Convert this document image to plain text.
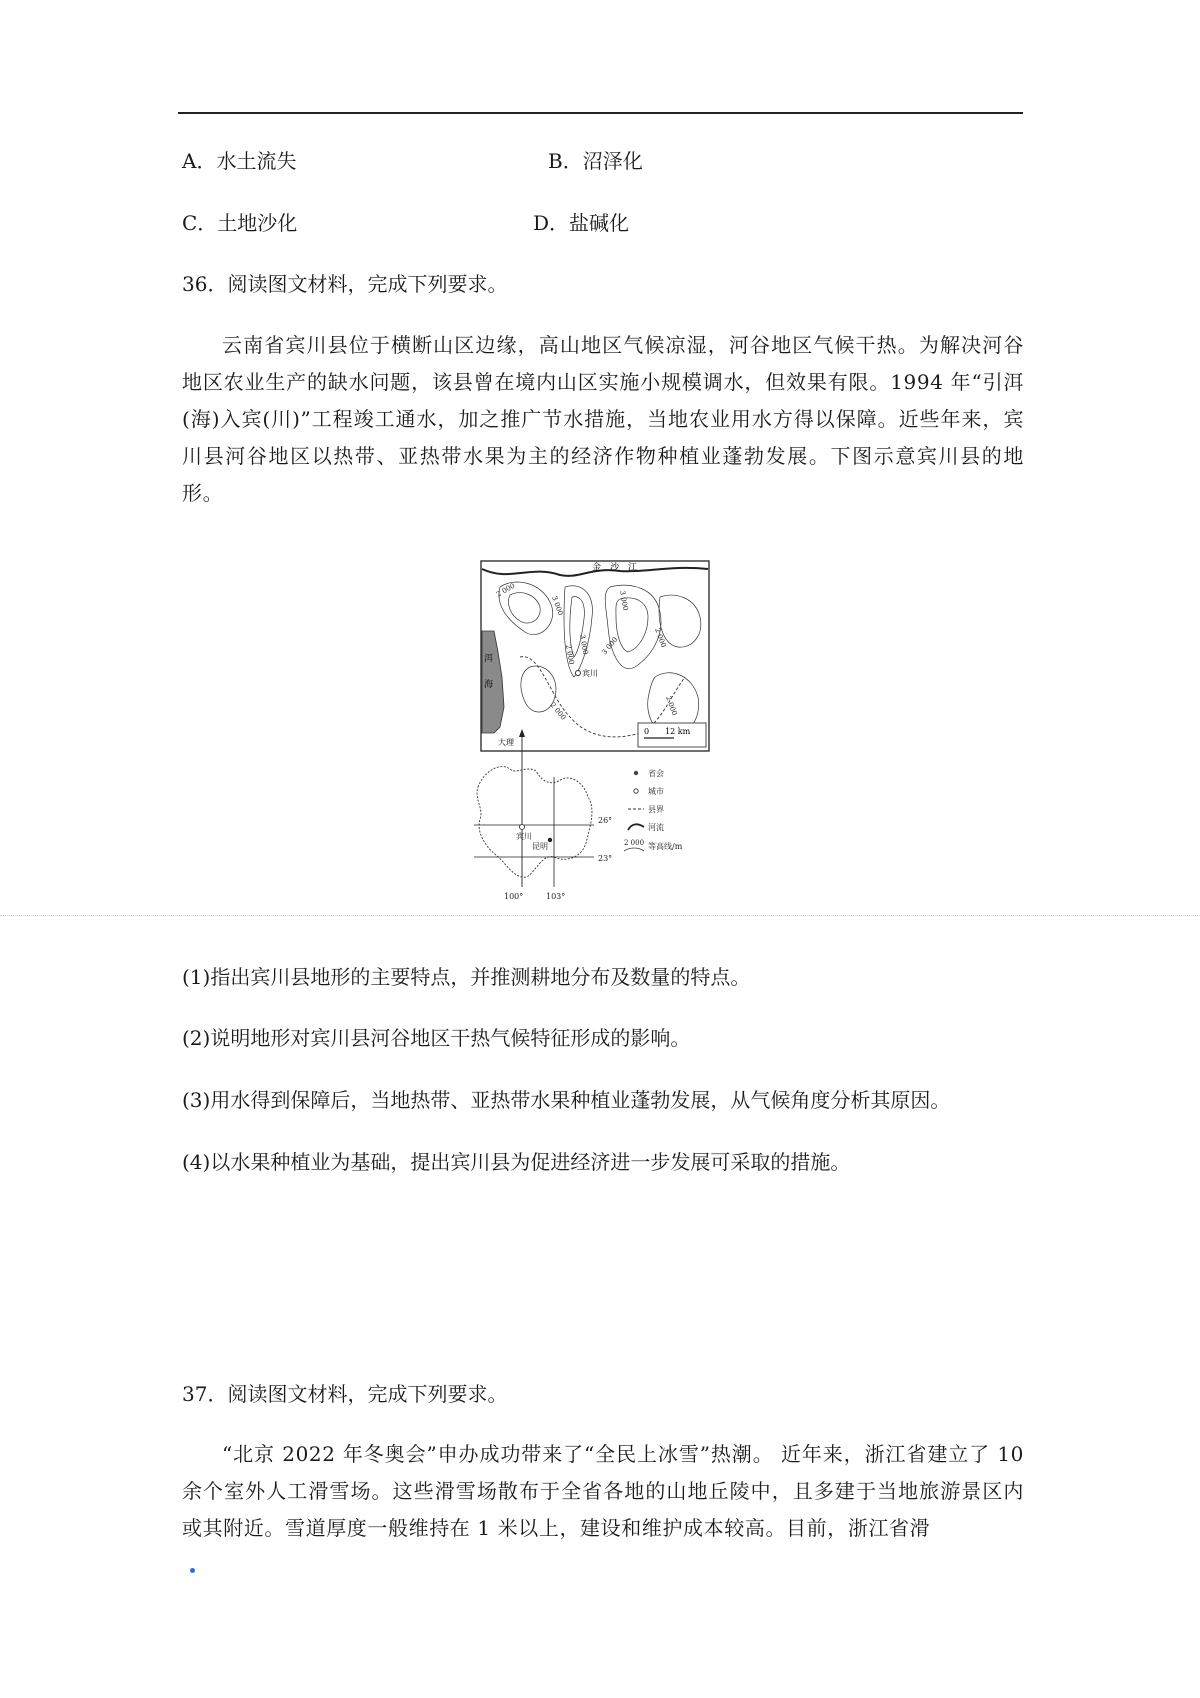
A．水土流失	B．沼泽化
C．土地沙化	D．盐碱化
36．阅读图文材料，完成下列要求。
云南省宾川县位于横断山区边缘，高山地区气候凉湿，河谷地区气候干热。为解决河谷地区农业生产的缺水问题，该县曾在境内山区实施小规模调水，但效果有限。1994 年“引洱(海)入宾(川)”工程竣工通水，加之推广节水措施，当地农业用水方得以保障。近些年来，宾川县河谷地区以热带、亚热带水果为主的经济作物种植业蓬勃发展。下图示意宾川县的地形。
金　沙　江
洱
海
宾川
大理
2 000
3 000
3 000
2 000
3 000
3 000	2 000
2 000	2 000
0　　12 km
宾川
昆明
26°
23°
100°	103°
省会
城市
县界
河流
2 000 等高线/m
(1)指出宾川县地形的主要特点，并推测耕地分布及数量的特点。
(2)说明地形对宾川县河谷地区干热气候特征形成的影响。
(3)用水得到保障后，当地热带、亚热带水果种植业蓬勃发展，从气候角度分析其原因。
(4)以水果种植业为基础，提出宾川县为促进经济进一步发展可采取的措施。
37．阅读图文材料，完成下列要求。
“北京 2022 年冬奥会”申办成功带来了“全民上冰雪”热潮。 近年来，浙江省建立了 10 余个室外人工滑雪场。这些滑雪场散布于全省各地的山地丘陵中，且多建于当地旅游景区内或其附近。雪道厚度一般维持在 1 米以上，建设和维护成本较高。目前，浙江省滑
